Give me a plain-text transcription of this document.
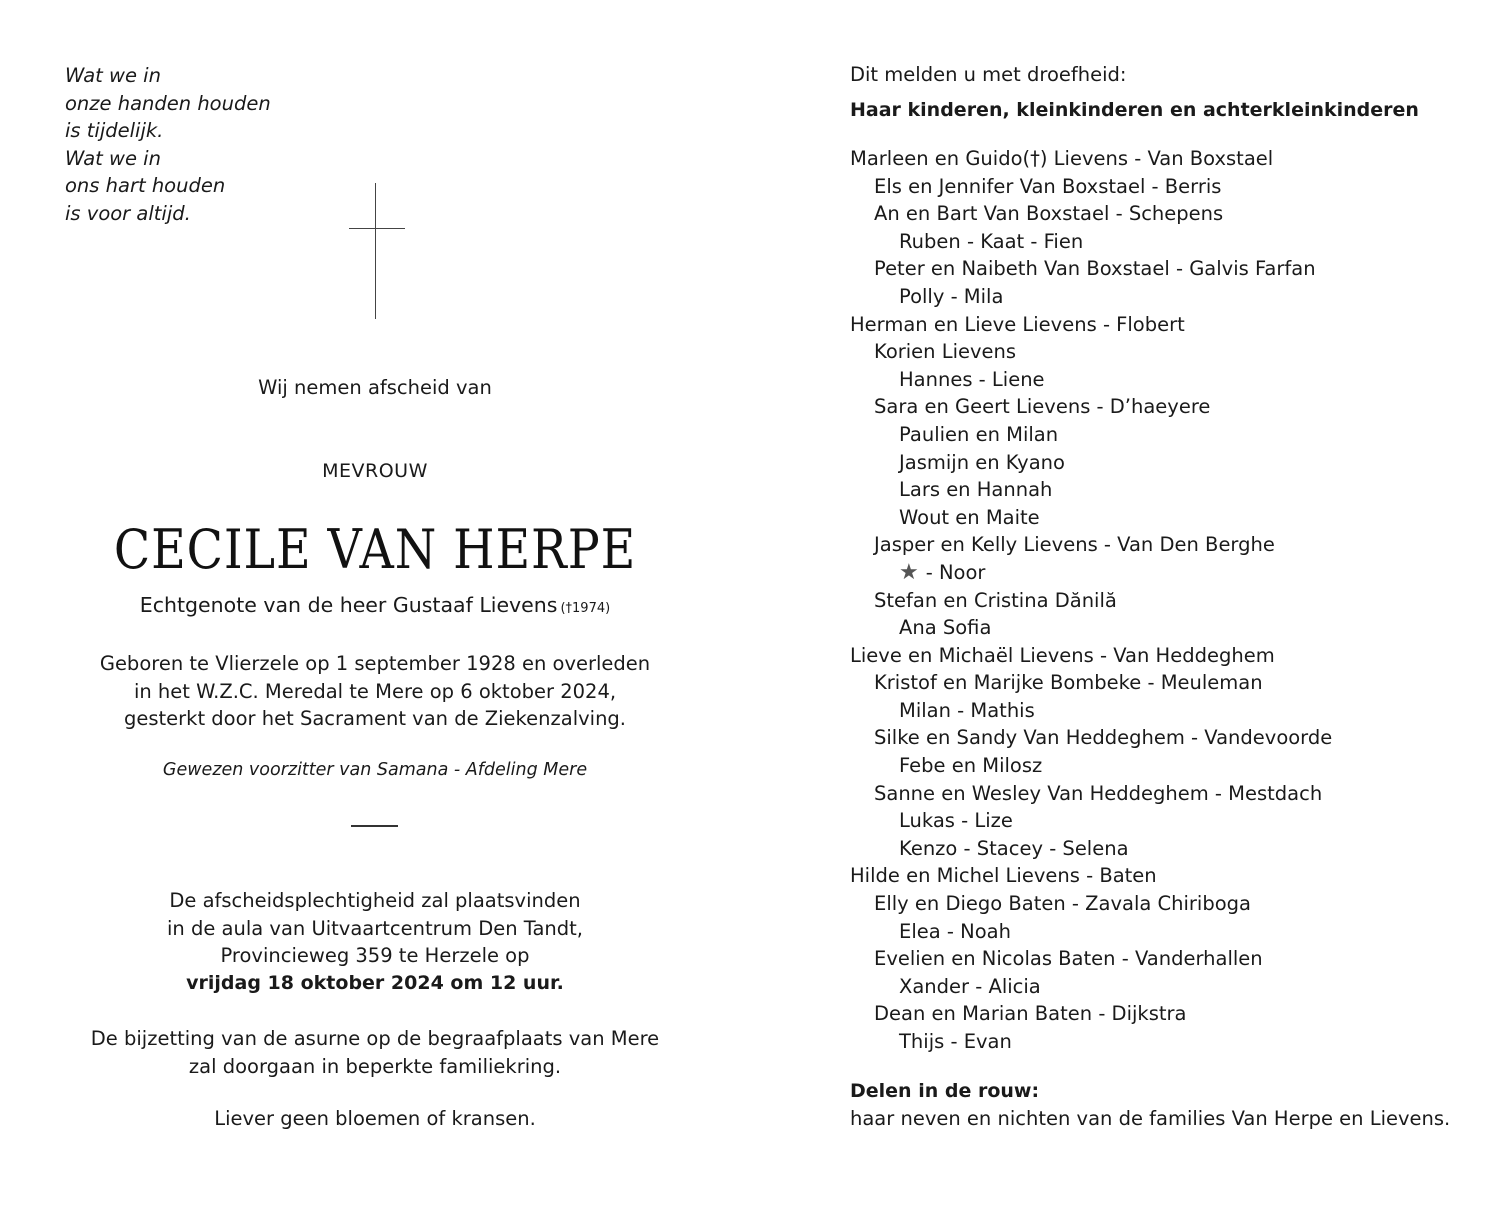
Wat we in
onze handen houden
is tijdelijk.
Wat we in
ons hart houden
is voor altijd.
Wij nemen afscheid van
MEVROUW
CECILE VAN HERPE
Echtgenote van de heer Gustaaf Lievens (†1974)
Geboren te Vlierzele op 1 september 1928 en overleden
in het W.Z.C. Meredal te Mere op 6 oktober 2024,
gesterkt door het Sacrament van de Ziekenzalving.
Gewezen voorzitter van Samana - Afdeling Mere
De afscheidsplechtigheid zal plaatsvinden
in de aula van Uitvaartcentrum Den Tandt,
Provincieweg 359 te Herzele op
vrijdag 18 oktober 2024 om 12 uur.
De bijzetting van de asurne op de begraafplaats van Mere
zal doorgaan in beperkte familiekring.
Liever geen bloemen of kransen.
Dit melden u met droefheid:
Haar kinderen, kleinkinderen en achterkleinkinderen
Marleen en Guido(†) Lievens - Van Boxstael
Els en Jennifer Van Boxstael - Berris
An en Bart Van Boxstael - Schepens
Ruben - Kaat - Fien
Peter en Naibeth Van Boxstael - Galvis Farfan
Polly - Mila
Herman en Lieve Lievens - Flobert
Korien Lievens
Hannes - Liene
Sara en Geert Lievens - D’haeyere
Paulien en Milan
Jasmijn en Kyano
Lars en Hannah
Wout en Maite
Jasper en Kelly Lievens - Van Den Berghe
★ - Noor
Stefan en Cristina Dănilă
Ana Sofia
Lieve en Michaël Lievens - Van Heddeghem
Kristof en Marijke Bombeke - Meuleman
Milan - Mathis
Silke en Sandy Van Heddeghem - Vandevoorde
Febe en Milosz
Sanne en Wesley Van Heddeghem - Mestdach
Lukas - Lize
Kenzo - Stacey - Selena
Hilde en Michel Lievens - Baten
Elly en Diego Baten - Zavala Chiriboga
Elea - Noah
Evelien en Nicolas Baten - Vanderhallen
Xander - Alicia
Dean en Marian Baten - Dijkstra
Thijs - Evan
Delen in de rouw:
haar neven en nichten van de families Van Herpe en Lievens.
